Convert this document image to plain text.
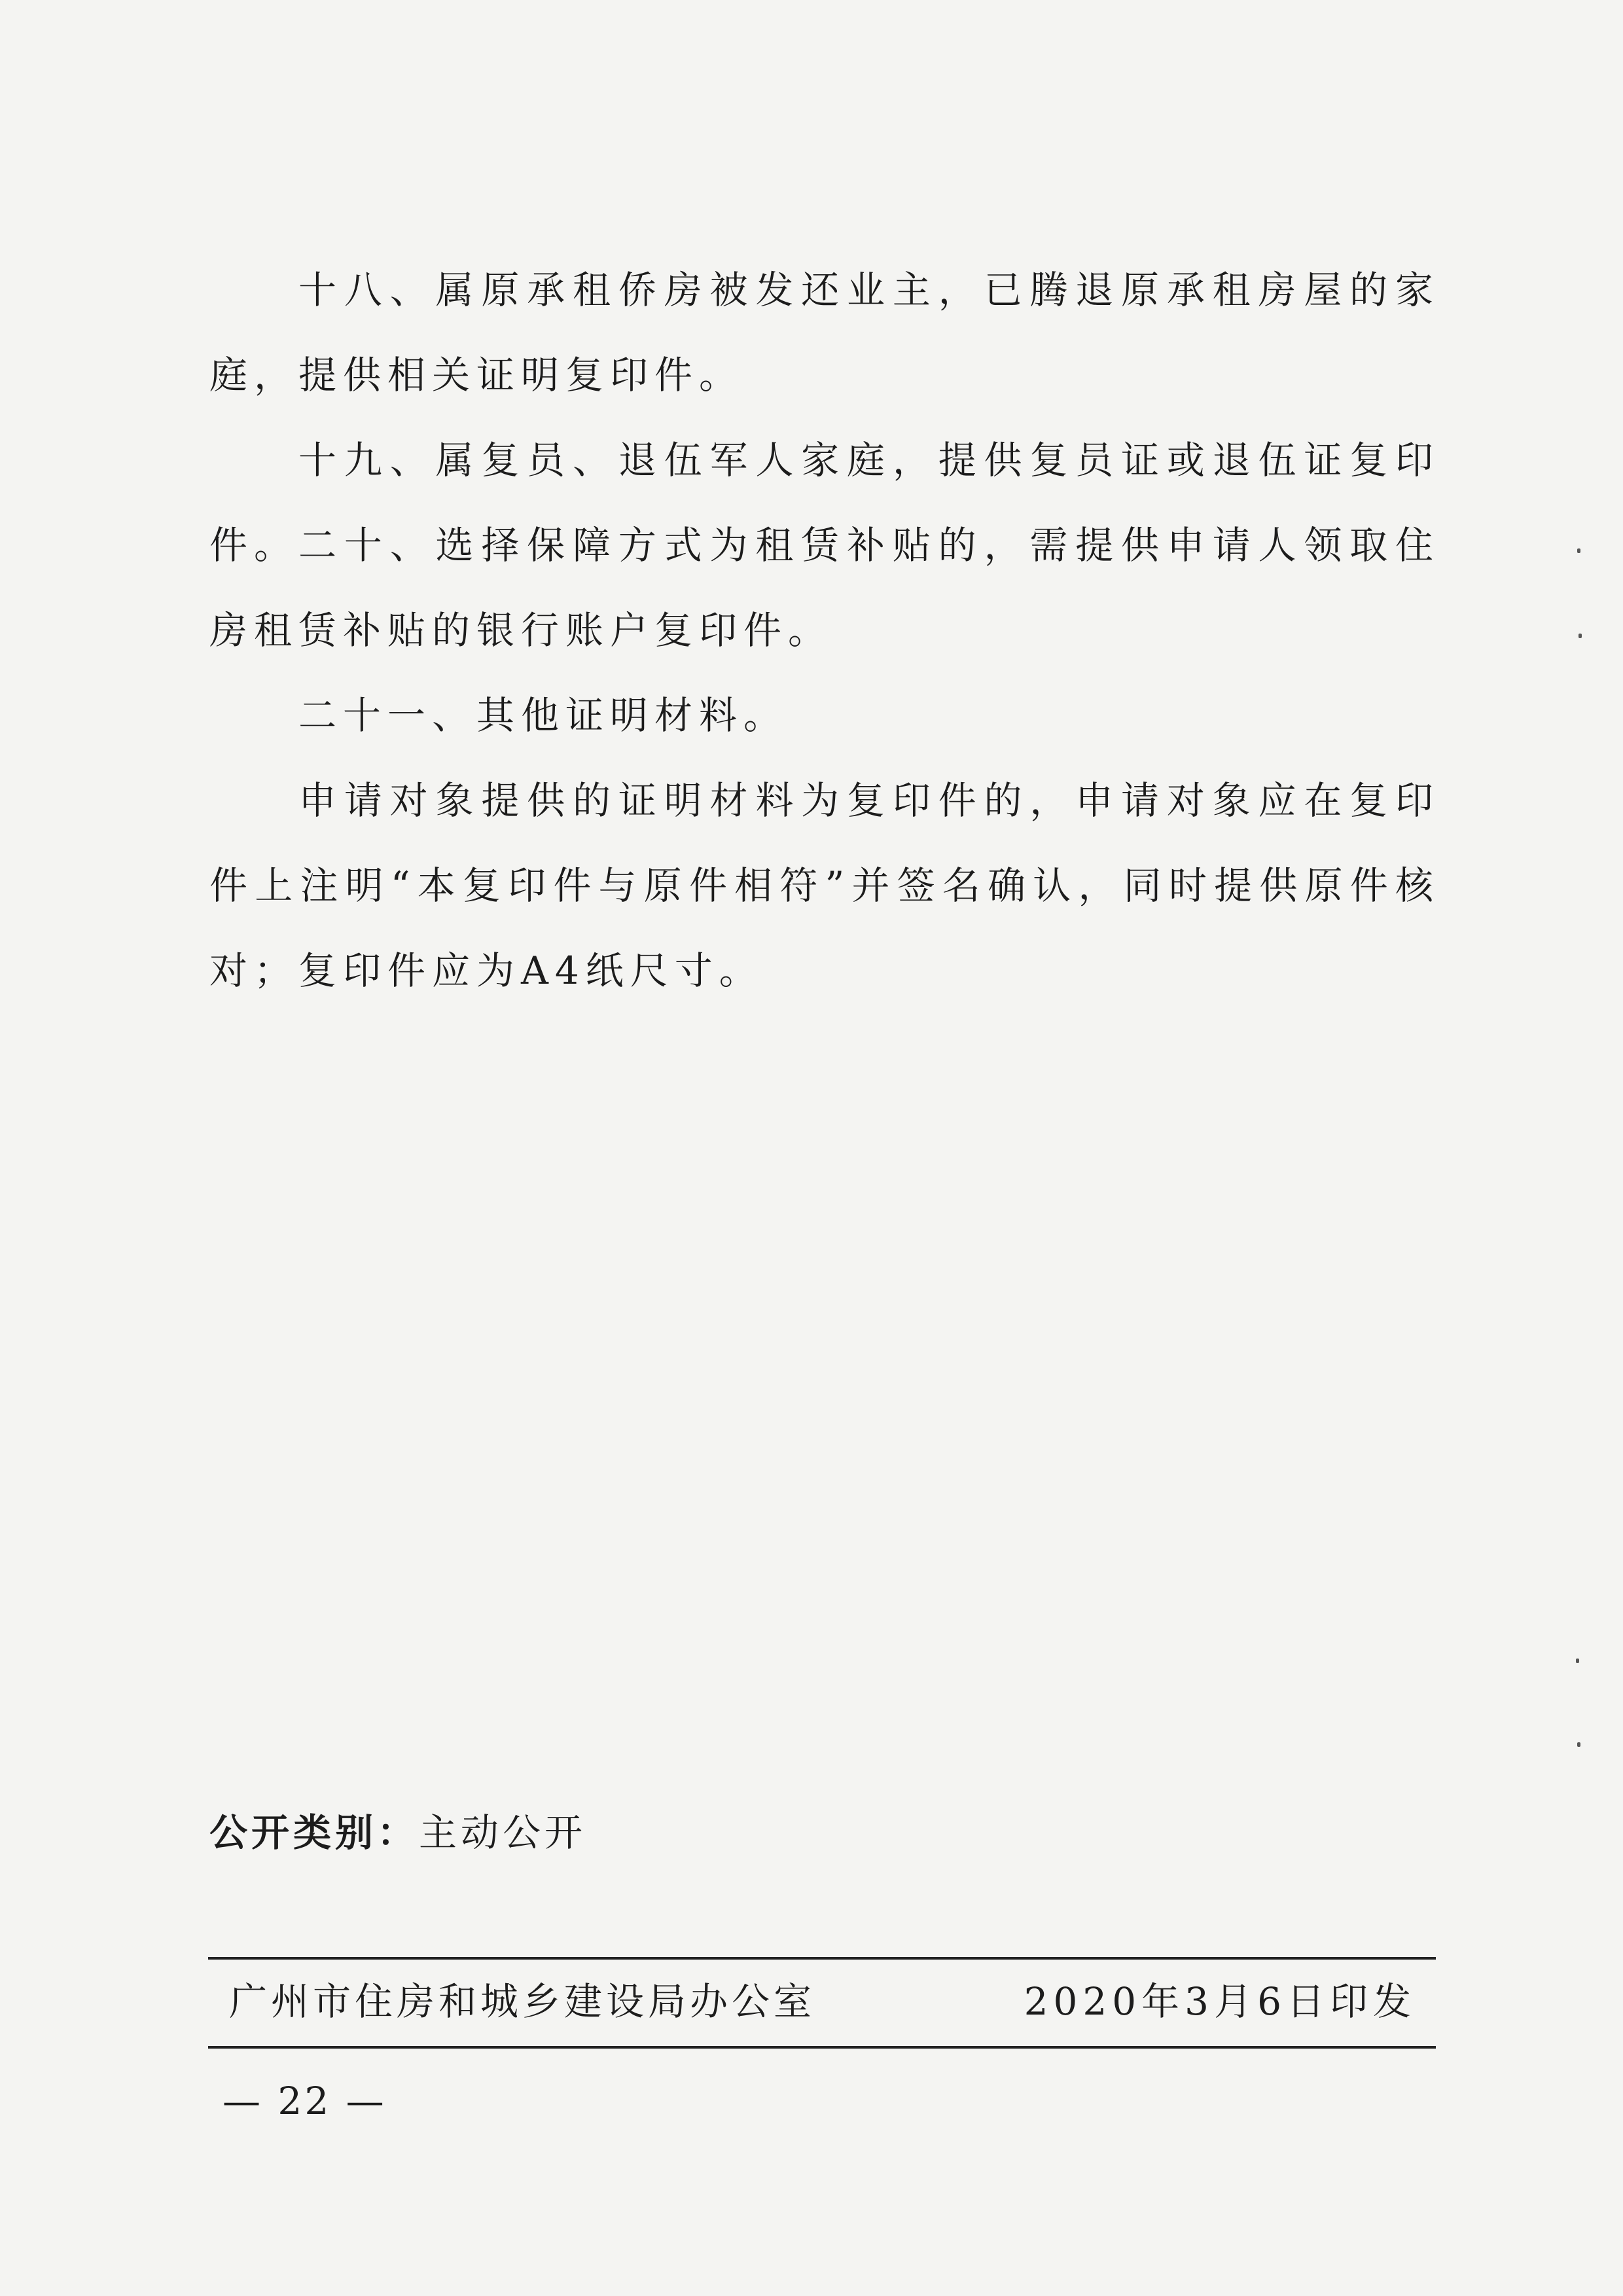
十八、属原承租侨房被发还业主，已腾退原承租房屋的家庭，提供相关证明复印件。

十九、属复员、退伍军人家庭，提供复员证或退伍证复印件。 二十、选择保障方式为租赁补贴的，需提供申请人领取住房租赁补贴的银行账户复印件。

二十一、其他证明材料。

申请对象提供的证明材料为复印件的，申请对象应在复印件上注明“本复印件与原件相符”并签名确认，同时提供原件核对；复印件应为A4纸尺寸。

公开类别：主动公开
广州市住房和城乡建设局办公室	2020年3月6日印发
— 22 —
